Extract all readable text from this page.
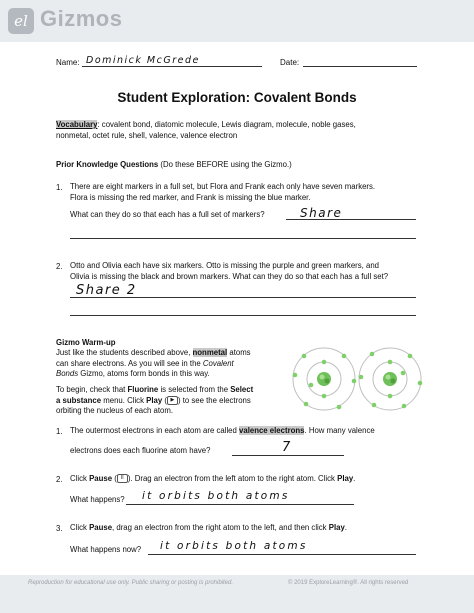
el Gizmos
Name: Dominick McGrede	Date:
Student Exploration: Covalent Bonds
Vocabulary: covalent bond, diatomic molecule, Lewis diagram, molecule, noble gases,
nonmetal, octet rule, shell, valence, valence electron
Prior Knowledge Questions (Do these BEFORE using the Gizmo.)
1. There are eight markers in a full set, but Flora and Frank each only have seven markers.
Flora is missing the red marker, and Frank is missing the blue marker.
What can they do so that each has a full set of markers?	Share
2. Otto and Olivia each have six markers. Otto is missing the purple and green markers, and
Olivia is missing the black and brown markers. What can they do so that each has a full set?
Share 2
Gizmo Warm-up
Just like the students described above, nonmetal atoms
can share electrons. As you will see in the Covalent
Bonds Gizmo, atoms form bonds in this way.
To begin, check that Fluorine is selected from the Select
a substance menu. Click Play ( ▶ ) to see the electrons
orbiting the nucleus of each atom.
1. The outermost electrons in each atom are called valence electrons. How many valence
electrons does each fluorine atom have?	7
2. Click Pause ( II ). Drag an electron from the left atom to the right atom. Click Play.
What happens? it orbits both atoms
3. Click Pause, drag an electron from the right atom to the left, and then click Play.
What happens now? it orbits both atoms
Reproduction for educational use only. Public sharing or posting is prohibited.	© 2019 ExploreLearning®. All rights reserved
